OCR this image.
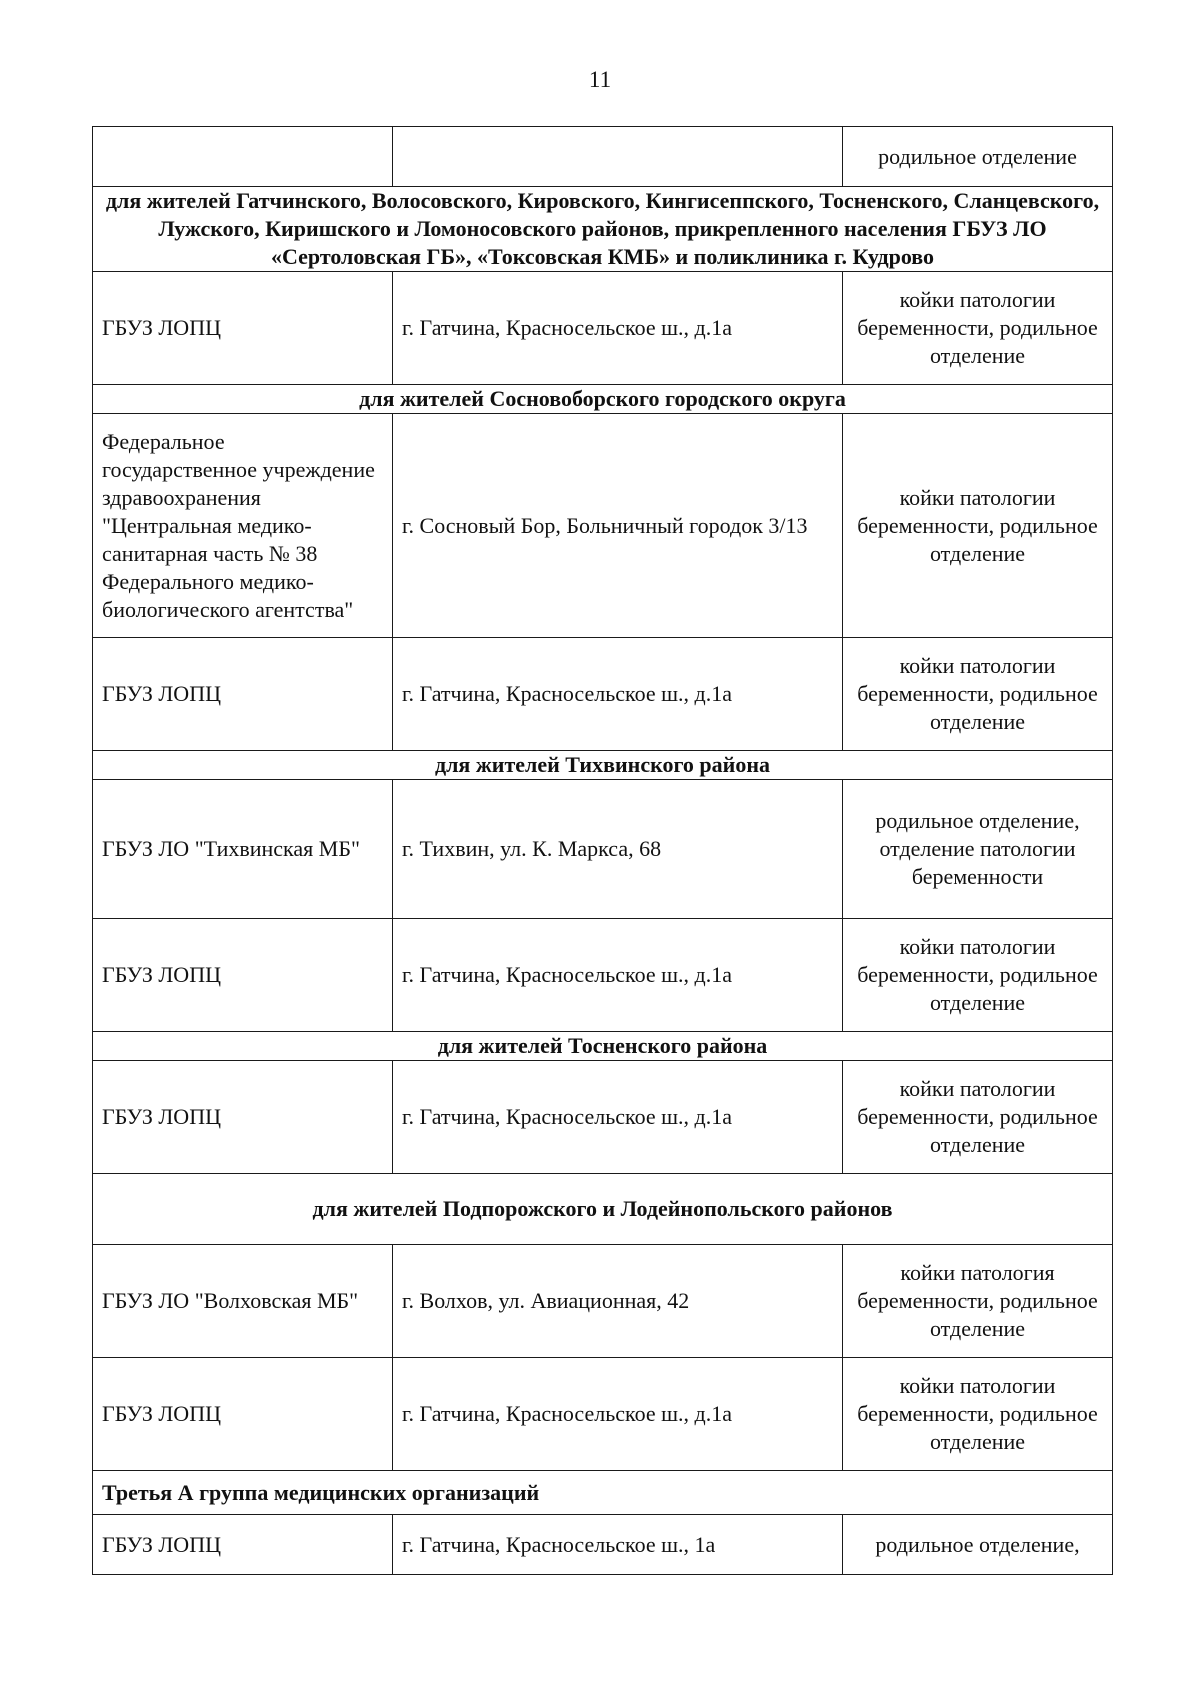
11
		родильное отделение
для жителей Гатчинского, Волосовского, Кировского, Кингисеппского, Тосненского, Сланцевского, Лужского, Киришского и Ломоносовского районов, прикрепленного населения ГБУЗ ЛО «Сертоловская ГБ», «Токсовская КМБ» и поликлиника г. Кудрово		
ГБУЗ ЛОПЦ	г. Гатчина, Красносельское ш., д.1а	койки патологии беременности, родильное отделение
для жителей Сосновоборского городского округа		
Федеральное государственное учреждение здравоохранения "Центральная медико-санитарная часть № 38 Федерального медико-биологического агентства"	г. Сосновый Бор, Больничный городок 3/13	койки патологии беременности, родильное отделение
ГБУЗ ЛОПЦ	г. Гатчина, Красносельское ш., д.1а	койки патологии беременности, родильное отделение
для жителей Тихвинского района		
ГБУЗ ЛО "Тихвинская МБ"	г. Тихвин, ул. К. Маркса, 68	родильное отделение, отделение патологии беременности
ГБУЗ ЛОПЦ	г. Гатчина, Красносельское ш., д.1а	койки патологии беременности, родильное отделение
для жителей Тосненского района		
ГБУЗ ЛОПЦ	г. Гатчина, Красносельское ш., д.1а	койки патологии беременности, родильное отделение
для жителей Подпорожского и Лодейнопольского районов		
ГБУЗ ЛО "Волховская МБ"	г. Волхов, ул. Авиационная, 42	койки патология беременности, родильное отделение
ГБУЗ ЛОПЦ	г. Гатчина, Красносельское ш., д.1а	койки патологии беременности, родильное отделение
Третья А группа медицинских организаций		
ГБУЗ ЛОПЦ	г. Гатчина, Красносельское ш., 1а	родильное отделение,
